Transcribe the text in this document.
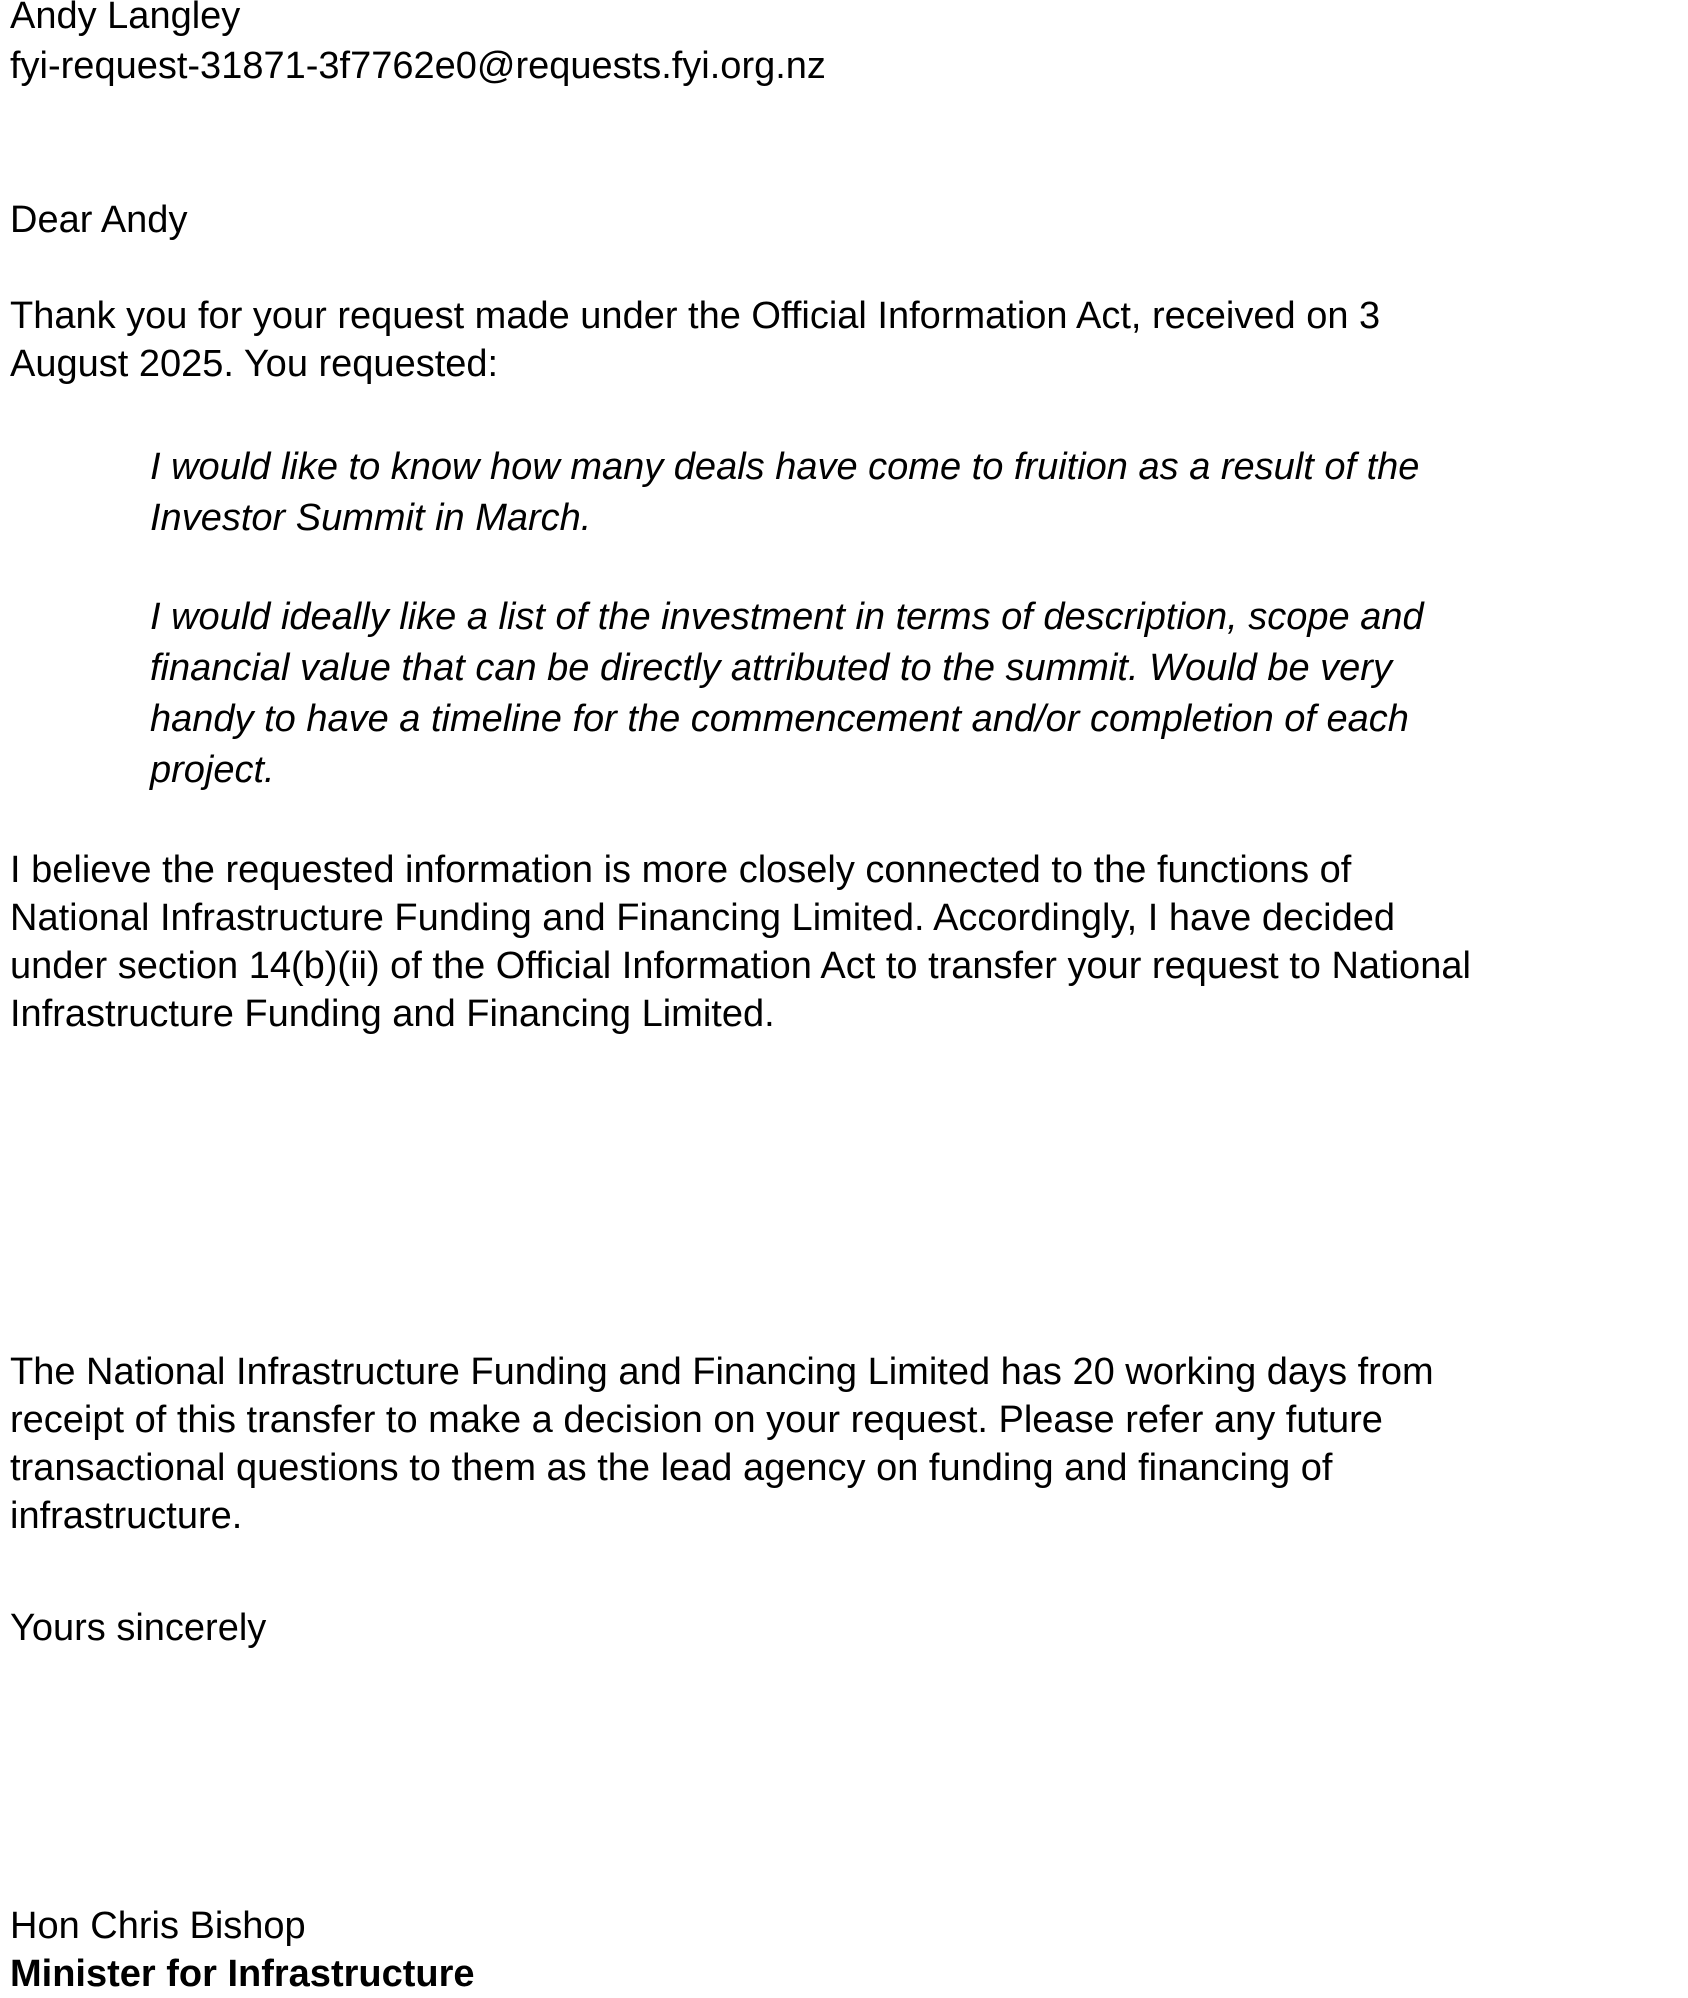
Andy Langley

fyi-request-31871-3f7762e0@requests.fyi.org.nz

Dear Andy

Thank you for your request made under the Official Information Act, received on 3
August 2025. You requested:

I would like to know how many deals have come to fruition as a result of the
Investor Summit in March.

I would ideally like a list of the investment in terms of description, scope and
financial value that can be directly attributed to the summit. Would be very
handy to have a timeline for the commencement and/or completion of each
project.

I believe the requested information is more closely connected to the functions of
National Infrastructure Funding and Financing Limited. Accordingly, I have decided
under section 14(b)(ii) of the Official Information Act to transfer your request to National
Infrastructure Funding and Financing Limited.

The National Infrastructure Funding and Financing Limited has 20 working days from
receipt of this transfer to make a decision on your request. Please refer any future
transactional questions to them as the lead agency on funding and financing of
infrastructure.

Yours sincerely

Hon Chris Bishop

Minister for Infrastructure
